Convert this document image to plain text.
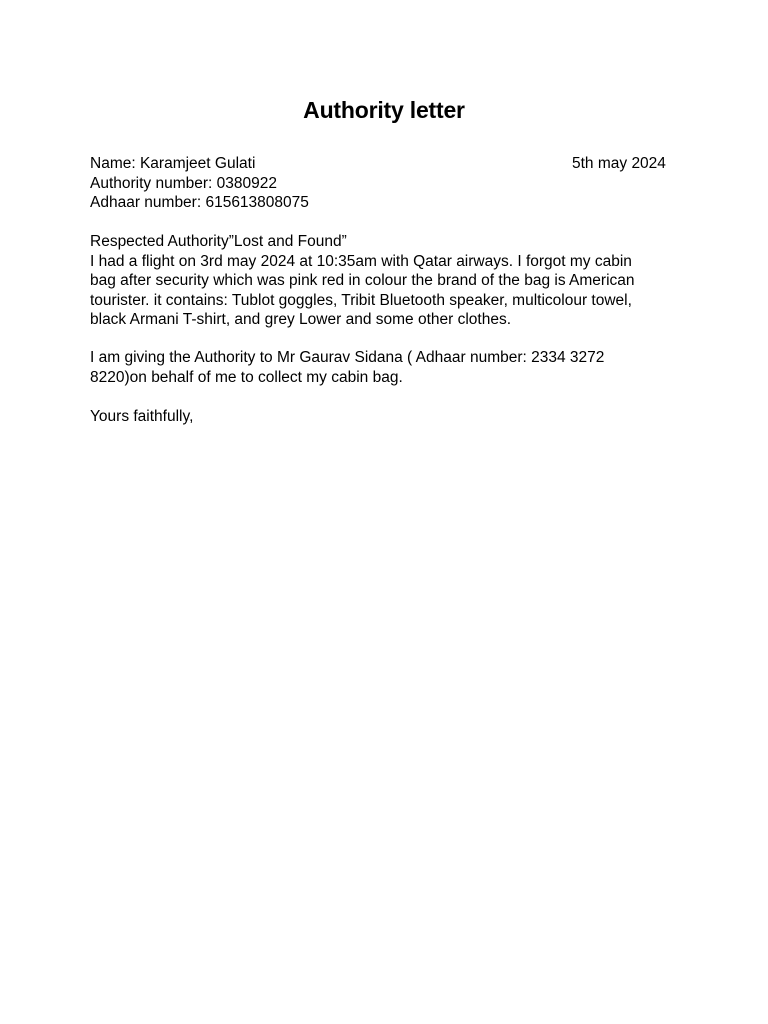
Authority letter
Name: Karamjeet Gulati
Authority number: 0380922
Adhaar number: 615613808075
5th may 2024
Respected Authority”Lost and Found”
I had a flight on 3rd may 2024 at 10:35am with Qatar airways. I forgot my cabin
bag after security which was pink red in colour the brand of the bag is American
tourister. it contains: Tublot goggles, Tribit Bluetooth speaker, multicolour towel,
black Armani T-shirt, and grey Lower and some other clothes.
I am giving the Authority to Mr Gaurav Sidana ( Adhaar number: 2334 3272
8220)on behalf of me to collect my cabin bag.
Yours faithfully,
